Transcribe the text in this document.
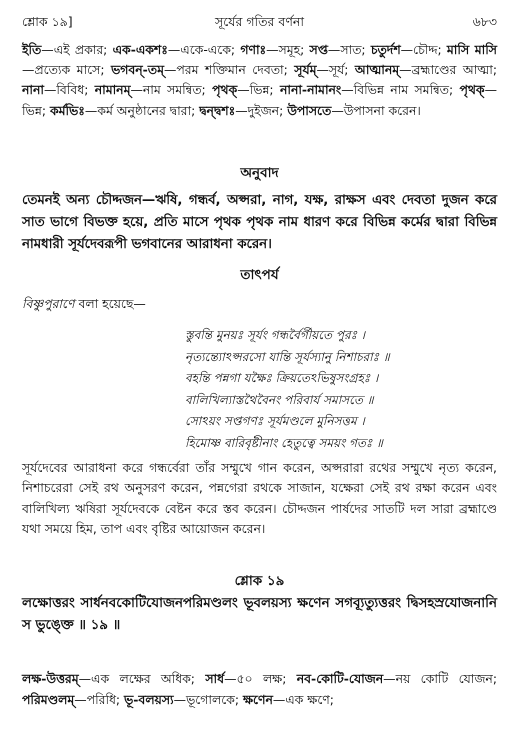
শ্লোক ১৯]	সূর্যের গতির বর্ণনা	৬৮৩
ইতি—এই প্রকার; এক-একশঃ—একে-একে; গণাঃ—সমূহ; সপ্ত—সাত; চতুর্দশ—চৌদ্দ; মাসি মাসি—প্রত্যেক মাসে; ভগবন্-তম্—পরম শক্তিমান দেবতা; সূর্যম্—সূর্য; আত্মানম্—ব্রহ্মাণ্ডের আত্মা; নানা—বিবিধ; নামানম্—নাম সমন্বিত; পৃথক্—ভিন্ন; নানা-নামানং—বিভিন্ন নাম সমন্বিত; পৃথক্—ভিন্ন; কর্মভিঃ—কর্ম অনুষ্ঠানের দ্বারা; দ্বন্দ্বশঃ—দুইজন; উপাসতে—উপাসনা করেন।
অনুবাদ
তেমনই অন্য চৌদ্দজন—ঋষি, গন্ধর্ব, অপ্সরা, নাগ, যক্ষ, রাক্ষস এবং দেবতা দুজন করে সাত ভাগে বিভক্ত হয়ে, প্রতি মাসে পৃথক পৃথক নাম ধারণ করে বিভিন্ন কর্মের দ্বারা বিভিন্ন নামধারী সূর্যদেবরূপী ভগবানের আরাধনা করেন।
তাৎপর্য
বিষ্ণুপুরাণে বলা হয়েছে—
স্তুবন্তি মুনয়ঃ সূর্যং গন্ধর্বৈর্গীয়তে পুরঃ ।
নৃত্যন্ত্যোঽপ্সরসো যান্তি সূর্যস্যানু নিশাচরাঃ ॥
বহন্তি পন্নগা যক্ষৈঃ ক্রিয়তেঽভিষুসংগ্রহঃ ।
বালিখিল্যাস্তথৈবৈনং পরিবার্য সমাসতে ॥
সোঽয়ং সপ্তগণঃ সূর্যমণ্ডলে মুনিসত্তম ।
হিমোষ্ণ বারিবৃষ্টীনাং হেতুত্বে সময়ং গতঃ ॥
সূর্যদেবের আরাধনা করে গন্ধর্বেরা তাঁর সম্মুখে গান করেন, অপ্সরারা রথের সম্মুখে নৃত্য করেন, নিশাচরেরা সেই রথ অনুসরণ করেন, পন্নগেরা রথকে সাজান, যক্ষেরা সেই রথ রক্ষা করেন এবং বালিখিল্য ঋষিরা সূর্যদেবকে বেষ্টন করে স্তব করেন। চৌদ্দজন পার্ষদের সাতটি দল সারা ব্রহ্মাণ্ডে যথা সময়ে হিম, তাপ এবং বৃষ্টির আয়োজন করেন।
শ্লোক ১৯
লক্ষোত্তরং সার্ধনবকোটিযোজনপরিমণ্ডলং ভূবলয়স্য ক্ষণেন সগব্যূত্যুত্তরং দ্বিসহস্রযোজনানি স ভুঙ্ক্তে ॥ ১৯ ॥
লক্ষ-উত্তরম্—এক লক্ষের অধিক; সার্ধ—৫০ লক্ষ; নব-কোটি-যোজন—নয় কোটি যোজন; পরিমণ্ডলম্—পরিধি; ভূ-বলয়স্য—ভূগোলকে; ক্ষণেন—এক ক্ষণে;
